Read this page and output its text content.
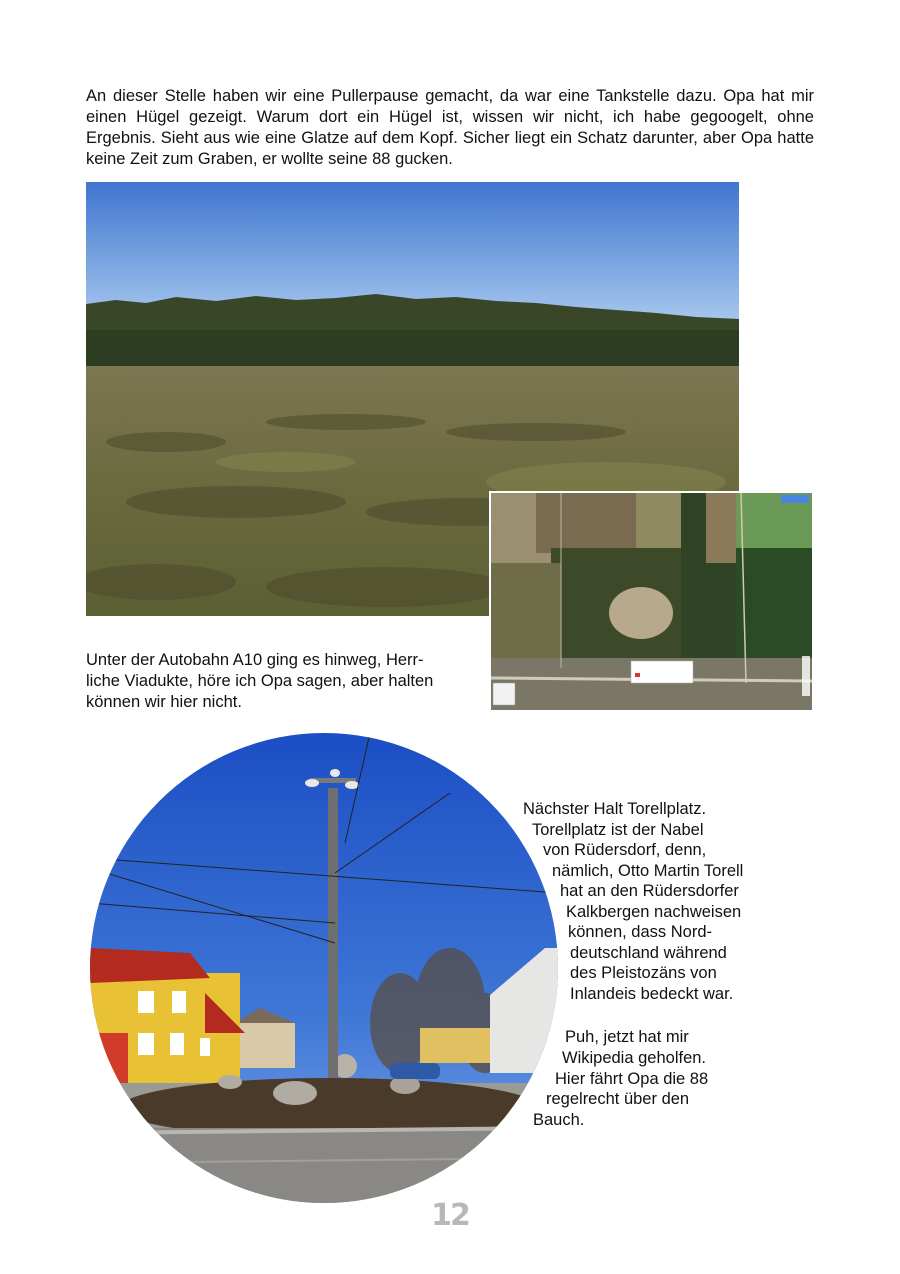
An dieser Stelle haben wir eine Pullerpause gemacht, da war eine Tankstelle dazu. Opa hat mir einen Hügel gezeigt. Warum dort ein Hügel ist, wissen wir nicht, ich habe gegoogelt, ohne Ergebnis. Sieht aus wie eine Glatze auf dem Kopf. Sicher liegt ein Schatz darunter, aber Opa hatte keine Zeit zum Graben, er wollte seine 88 gucken.

Unter der Autobahn A10 ging es hinweg, Herr-
liche Viadukte, höre ich Opa sagen, aber halten
können wir hier nicht.
Nächster Halt Torellplatz.
Torellplatz ist der Nabel
von Rüdersdorf, denn,
nämlich, Otto Martin Torell
hat an den Rüdersdorfer
Kalkbergen nachweisen
können, dass Nord-
deutschland während
des Pleistozäns von
Inlandeis bedeckt war.
Puh, jetzt hat mir
Wikipedia geholfen.
Hier fährt Opa die 88
regelrecht über den
Bauch.
12
